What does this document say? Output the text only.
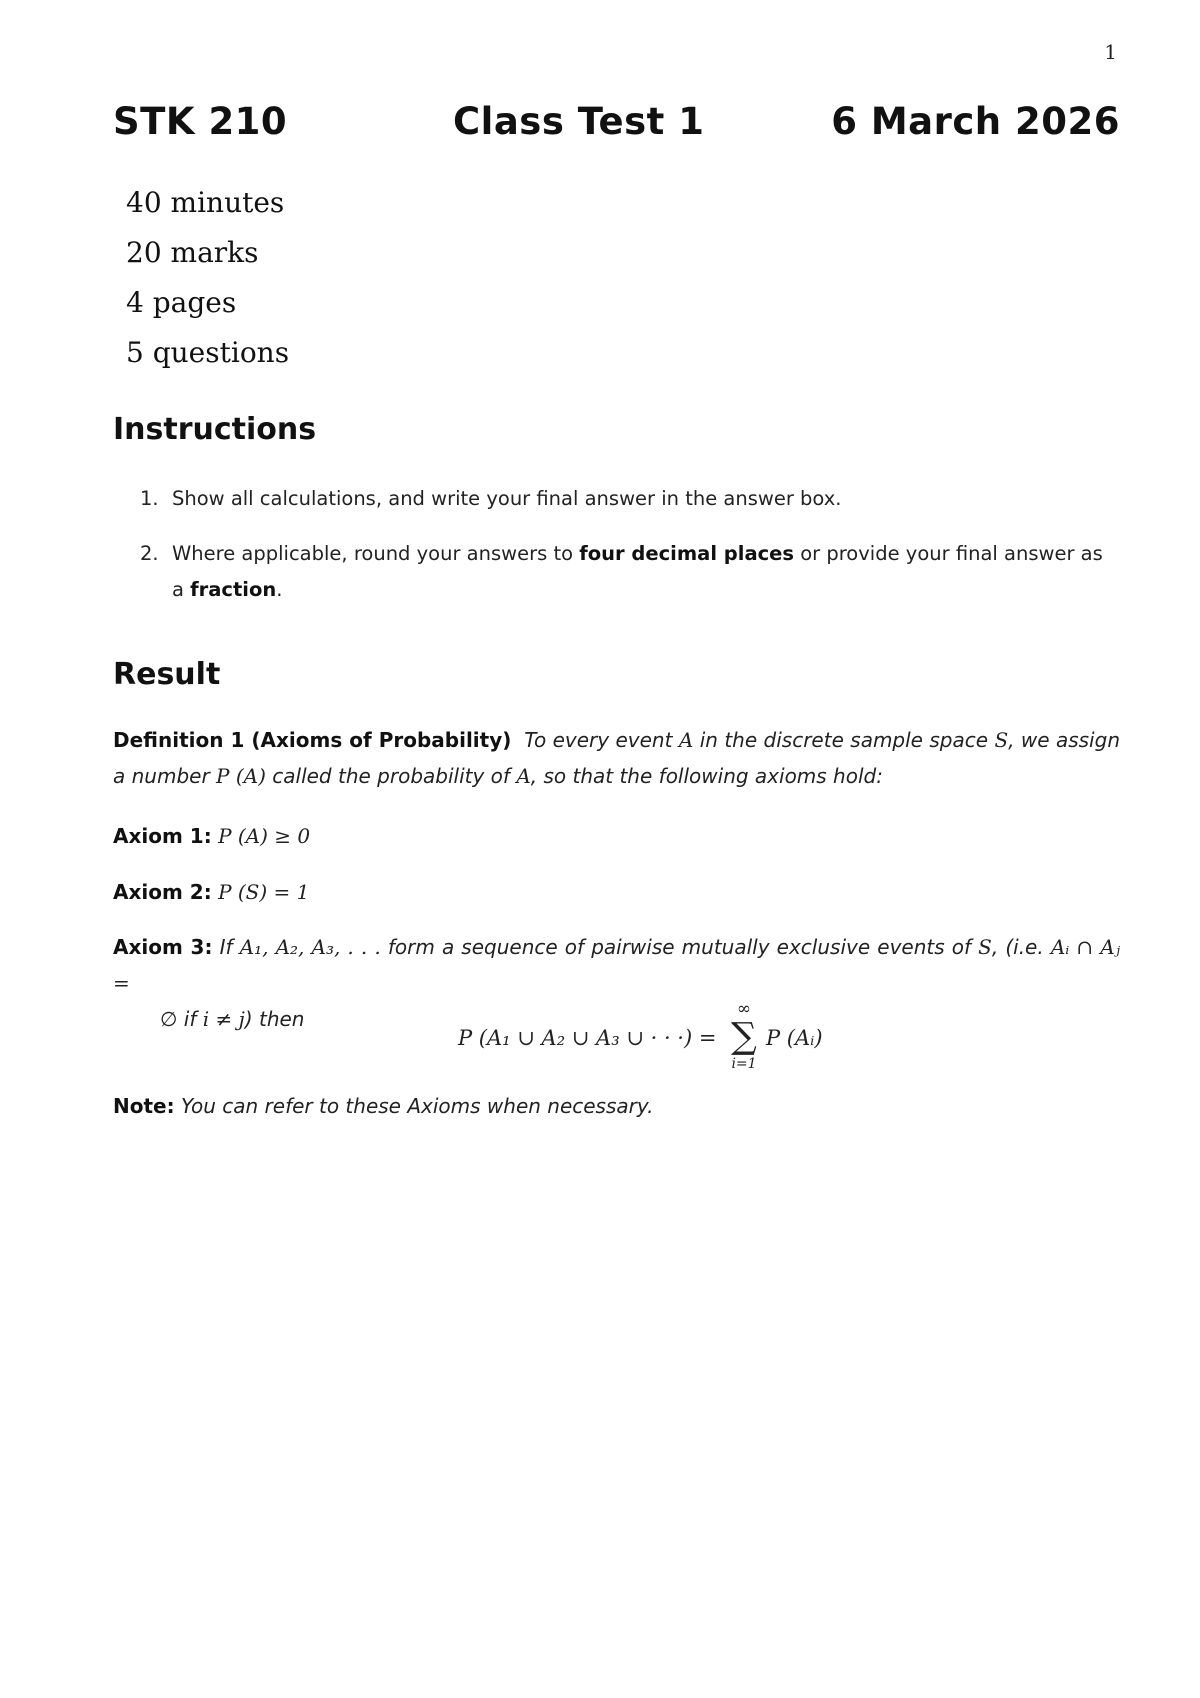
1
STK 210	Class Test 1	6 March 2026
40 minutes
20 marks
4 pages
5 questions
Instructions
1. Show all calculations, and write your final answer in the answer box.
2. Where applicable, round your answers to four decimal places or provide your final answer as a fraction.
Result
Definition 1 (Axioms of Probability) To every event A in the discrete sample space S, we assign a number P (A) called the probability of A, so that the following axioms hold:
Axiom 1: P (A) ≥ 0
Axiom 2: P (S) = 1
Axiom 3: If A₁, A₂, A₃, . . . form a sequence of pairwise mutually exclusive events of S, (i.e. Aᵢ ∩ Aⱼ =
∅ if i ≠ j) then
P (A₁ ∪ A₂ ∪ A₃ ∪ · · ·) =
∞
∑
i=1
P (Aᵢ)
Note: You can refer to these Axioms when necessary.
